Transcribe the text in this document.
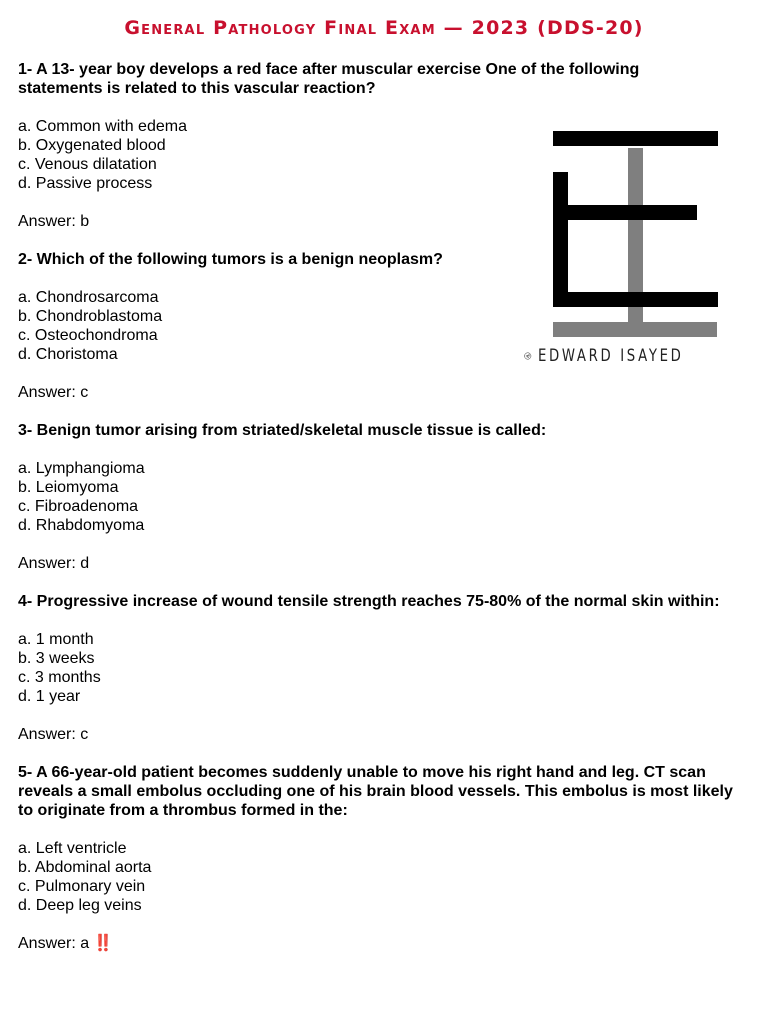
General Pathology Final Exam — 2023 (DDS-20)

1- A 13- year boy develops a red face after muscular exercise One of the following statements is related to this vascular reaction?

a. Common with edema
b. Oxygenated blood
c. Venous dilatation
d. Passive process
Answer: b

2- Which of the following tumors is a benign neoplasm?

a. Chondrosarcoma
b. Chondroblastoma
c. Osteochondroma
d. Choristoma
Answer: c

3- Benign tumor arising from striated/skeletal muscle tissue is called:

a. Lymphangioma
b. Leiomyoma
c. Fibroadenoma
d. Rhabdomyoma
Answer: d

4- Progressive increase of wound tensile strength reaches 75-80% of the normal skin within:

a. 1 month
b. 3 weeks
c. 3 months
d. 1 year
Answer: c

5- A 66-year-old patient becomes suddenly unable to move his right hand and leg. CT scan reveals a small embolus occluding one of his brain blood vessels. This embolus is most likely to originate from a thrombus formed in the:

a. Left ventricle
b. Abdominal aorta
c. Pulmonary vein
d. Deep leg veins
Answer: a ‼️
EDWARD ISAYED
